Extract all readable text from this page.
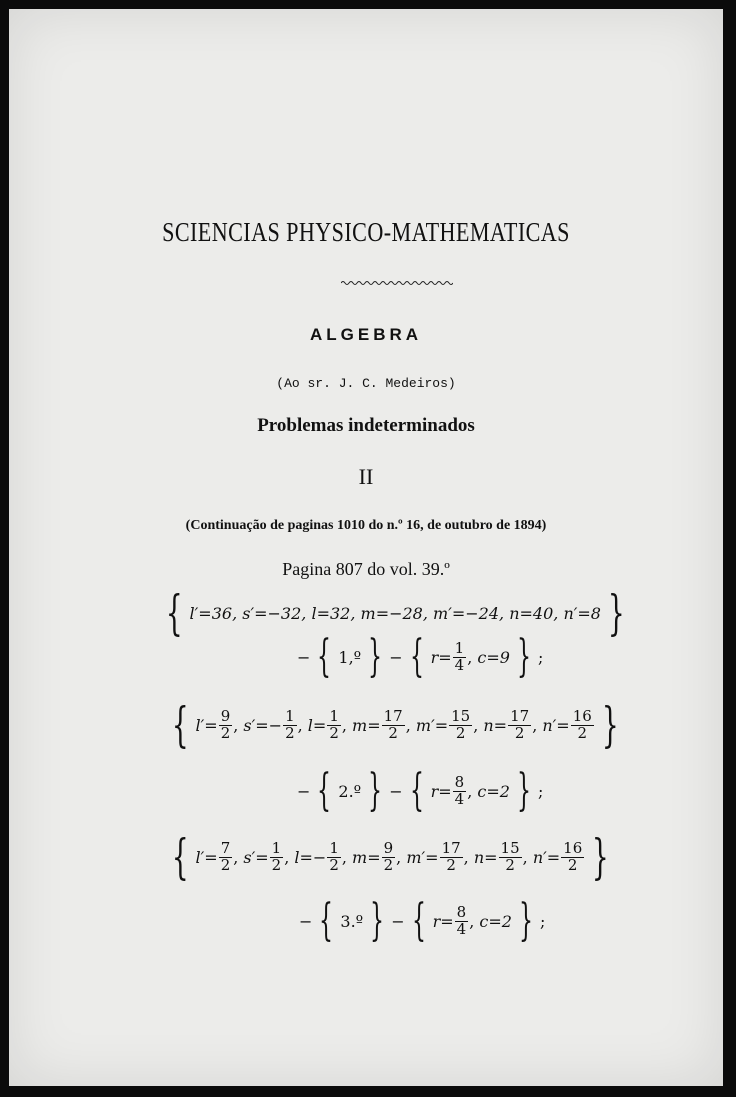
SCIENCIAS PHYSICO-MATHEMATICAS
ALGEBRA
(Ao sr. J. C. Medeiros)
Problemas indeterminados
II
(Continuação de paginas 1010 do n.º 16, de outubro de 1894)
Pagina 807 do vol. 39.º
{ l′=36,
s′=−32,
l=32,
m=−28,
m′=−24,
n=40,
n′=8 }
− { 1,º } − { $r = \frac{1}{4}$ , c=9 } ;
{ $l'= \frac{9}{2}$ , $s'=- \frac{1}{2}$ , $l= \frac{1}{2}$ , $m= \frac{17}{2}$ , $m'= \frac{15}{2}$ , $n= \frac{17}{2}$ , $n'= \frac{16}{2}$ }
− { 2.º } − { $r = \frac{8}{4}$ , c=2 } ;
{ $l'= \frac{7}{2}$ , $s'= \frac{1}{2}$ , $l=- \frac{1}{2}$ , $m= \frac{9}{2}$ , $m'= \frac{17}{2}$ , $n= \frac{15}{2}$ , $n'= \frac{16}{2}$ }
− { 3.º } − { $r = \frac{8}{4}$ , c=2 } ;
